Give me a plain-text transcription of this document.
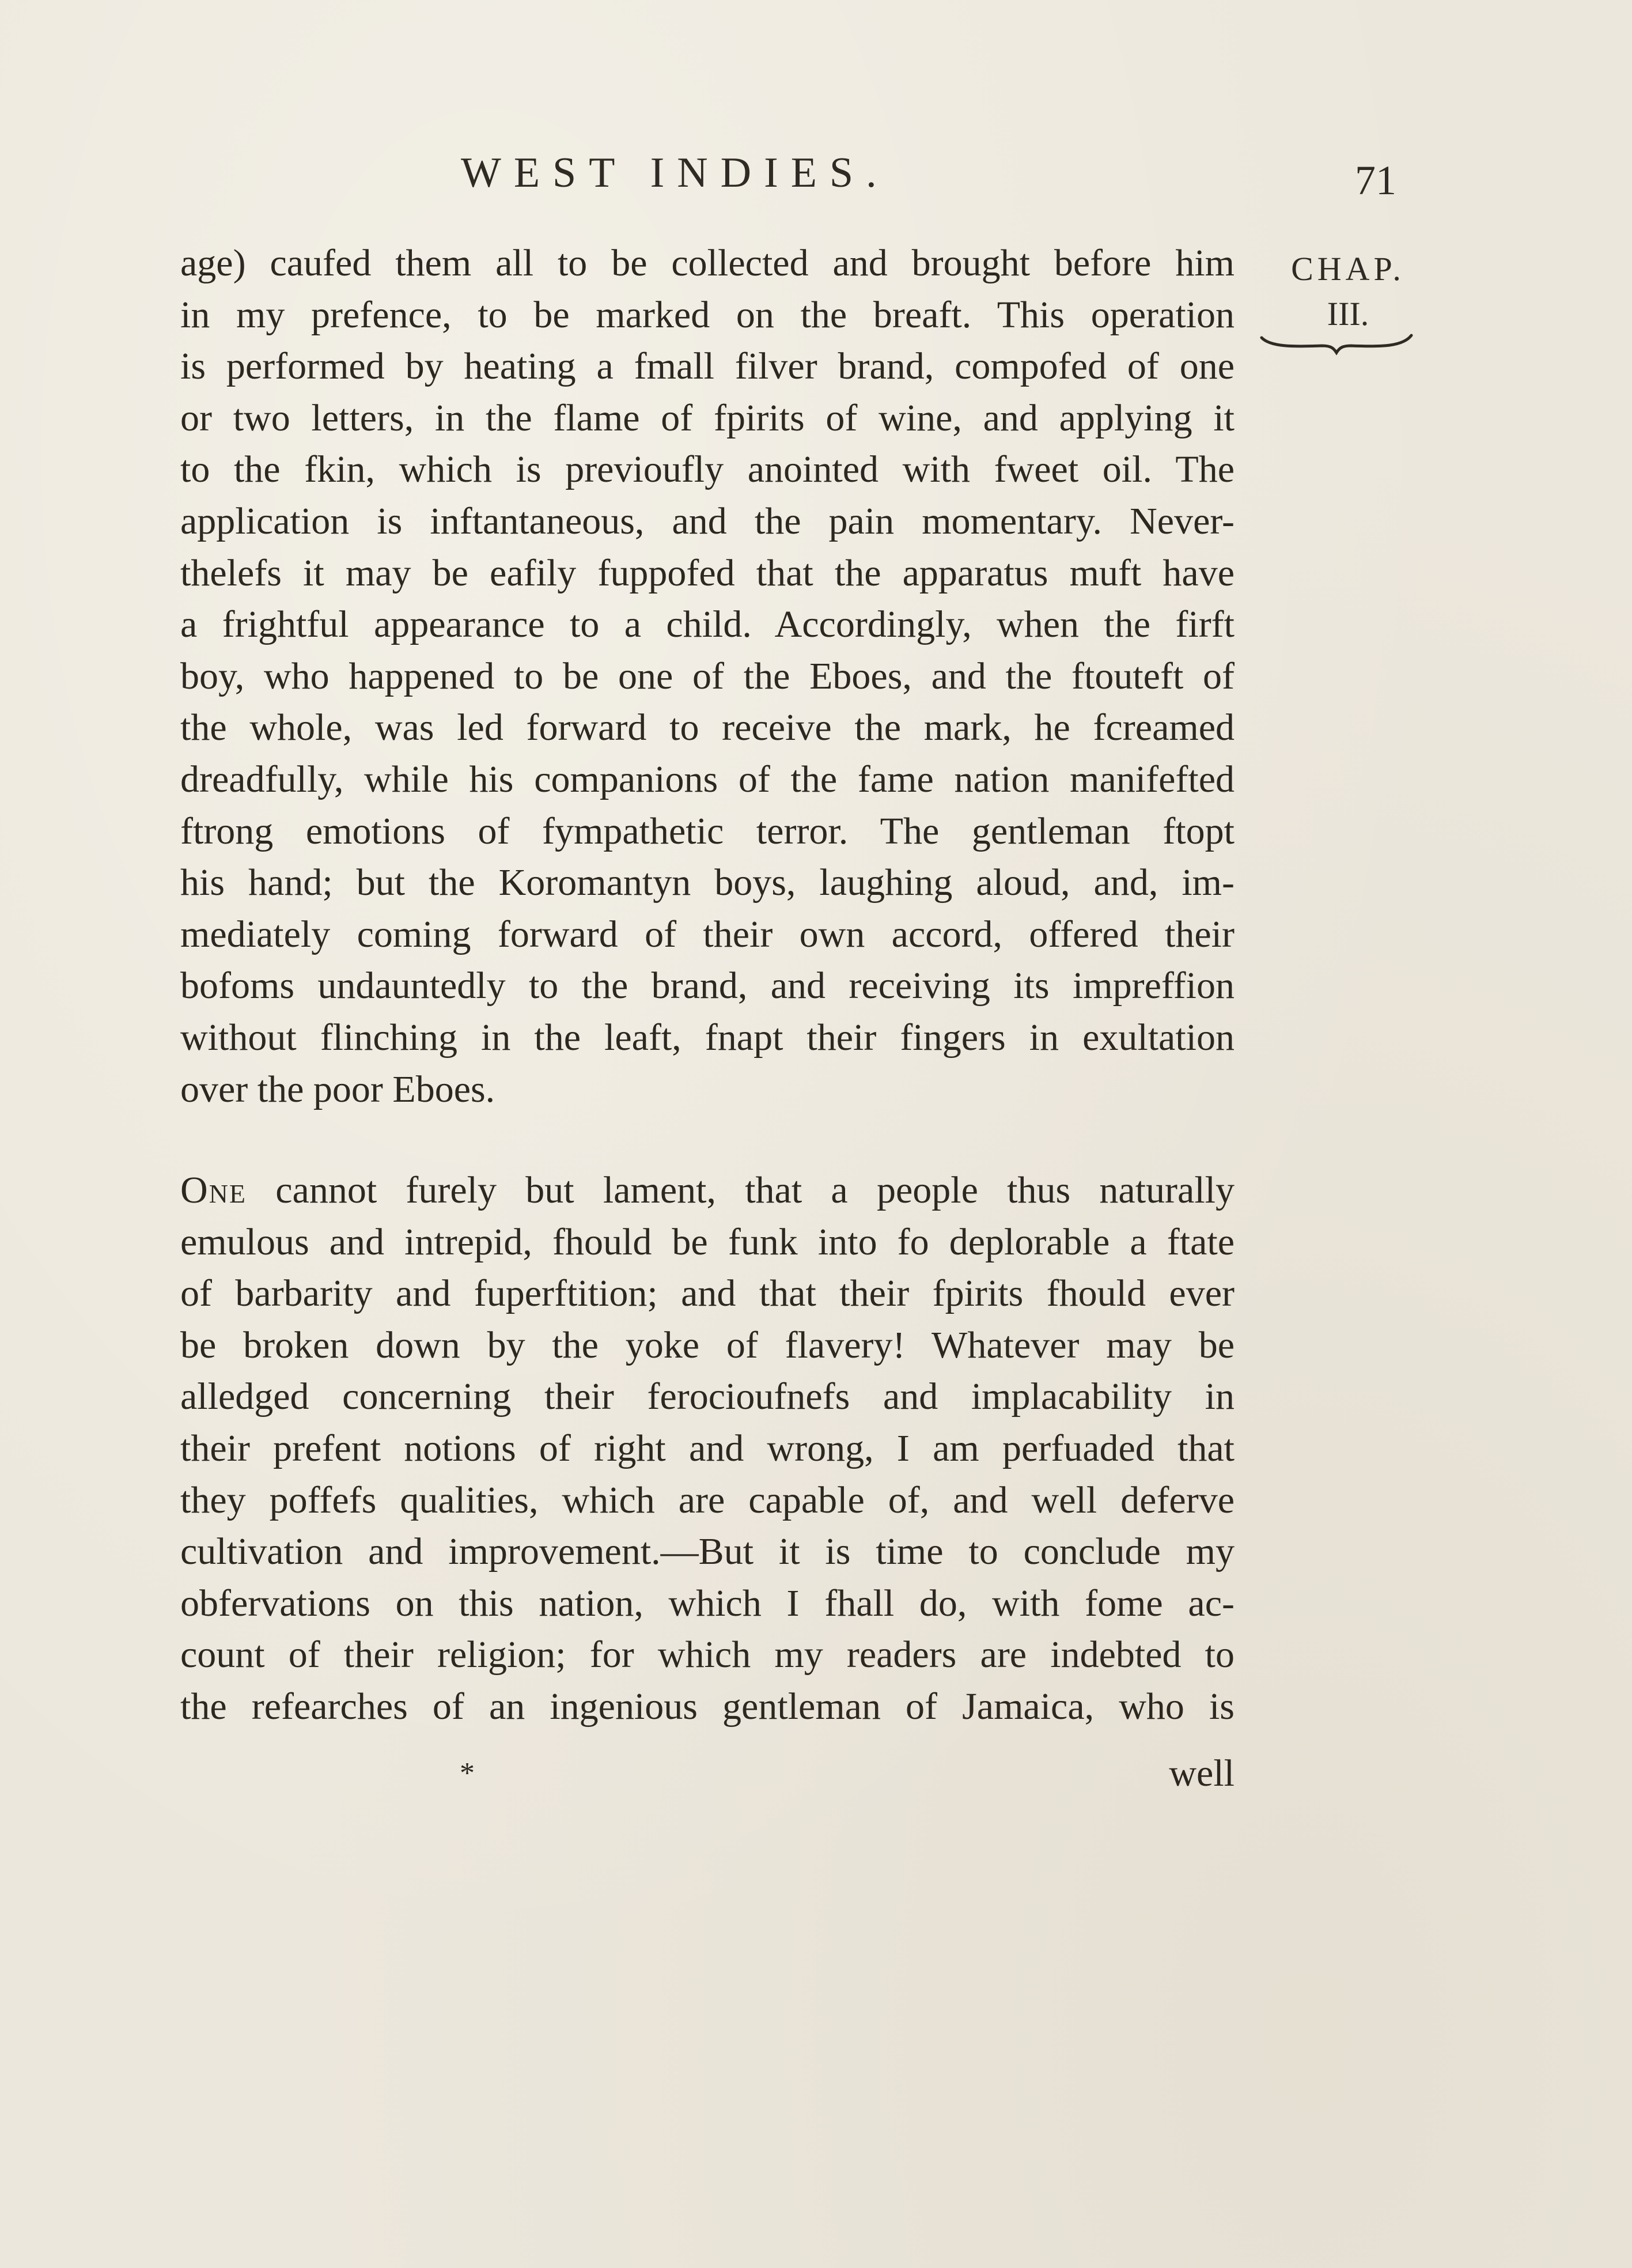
WEST INDIES.	71
CHAP.
III.

age) caufed them all to be collected and brought before him
in my prefence, to be marked on the breaft. This operation
is performed by heating a fmall filver brand, compofed of one
or two letters, in the flame of fpirits of wine, and applying it
to the fkin, which is previoufly anointed with fweet oil. The
application is inftantaneous, and the pain momentary. Never-
thelefs it may be eafily fuppofed that the apparatus muft have
a frightful appearance to a child. Accordingly, when the firft
boy, who happened to be one of the Eboes, and the ftouteft of
the whole, was led forward to receive the mark, he fcreamed
dreadfully, while his companions of the fame nation manifefted
ftrong emotions of fympathetic terror. The gentleman ftopt
his hand; but the Koromantyn boys, laughing aloud, and, im-
mediately coming forward of their own accord, offered their
bofoms undauntedly to the brand, and receiving its impreffion
without flinching in the leaft, fnapt their fingers in exultation
over the poor Eboes.

One cannot furely but lament, that a people thus naturally
emulous and intrepid, fhould be funk into fo deplorable a ftate
of barbarity and fuperftition; and that their fpirits fhould ever
be broken down by the yoke of flavery! Whatever may be
alledged concerning their ferocioufnefs and implacability in
their prefent notions of right and wrong, I am perfuaded that
they poffefs qualities, which are capable of, and well deferve
cultivation and improvement.—But it is time to conclude my
obfervations on this nation, which I fhall do, with fome ac-
count of their religion; for which my readers are indebted to
the refearches of an ingenious gentleman of Jamaica, who is

*	well
